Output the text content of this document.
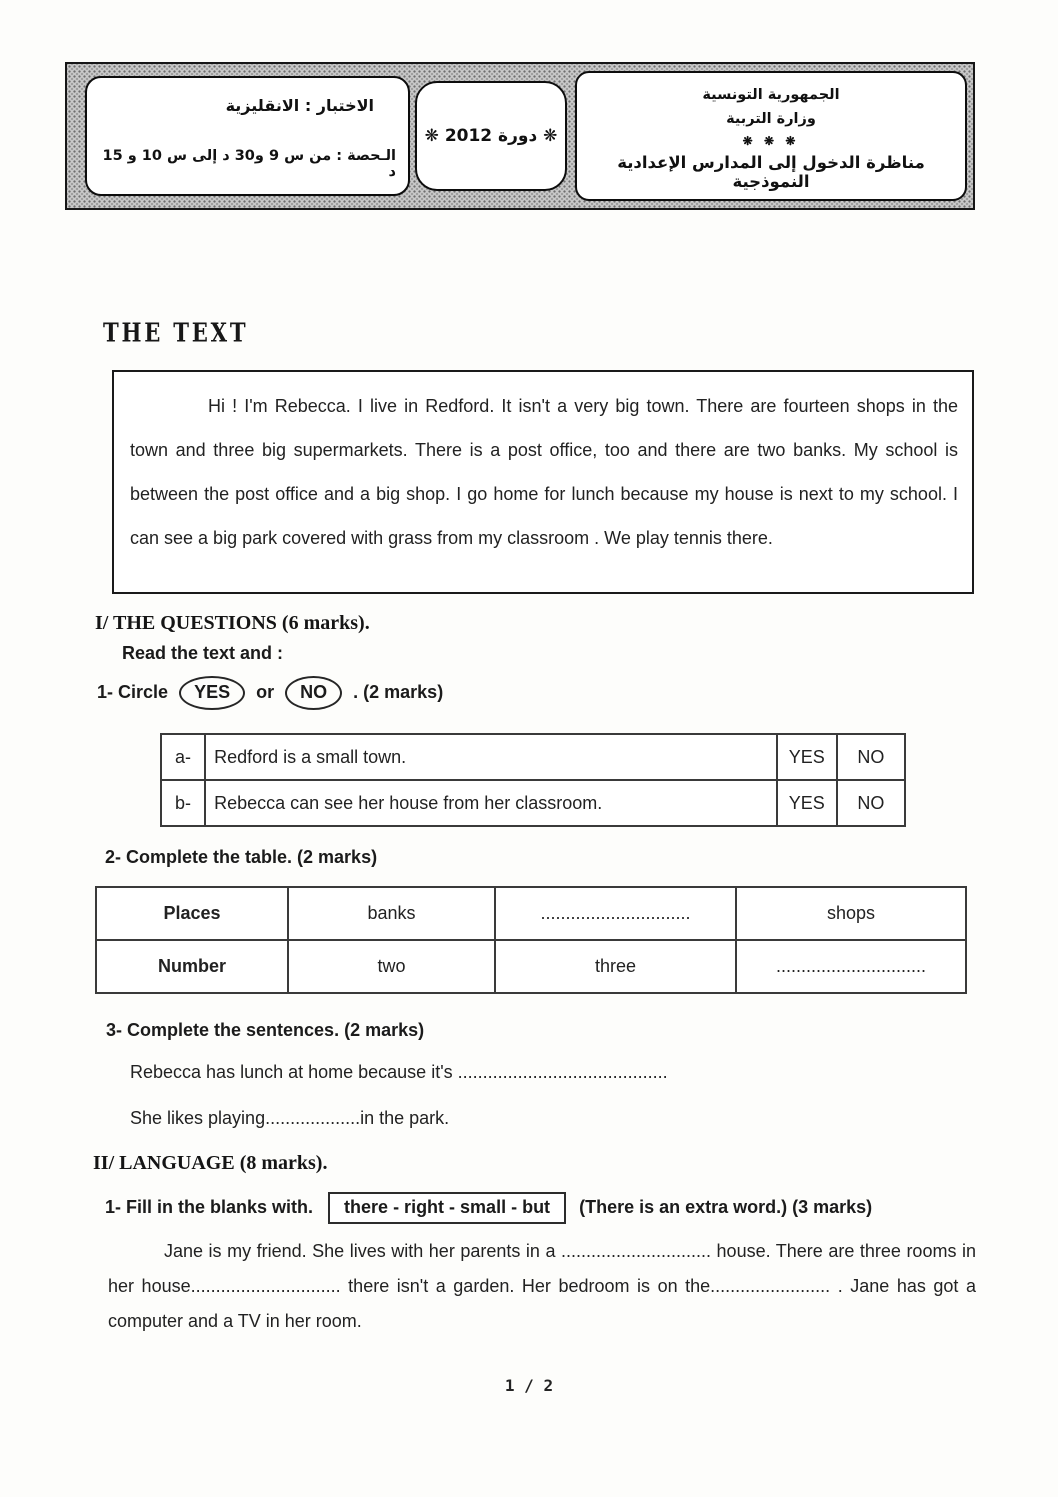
الاختبار : الانقليزية
الـحصة : من س 9 و30 د إلى س 10 و 15 د
❋ دورة 2012 ❋
الجمهورية التونسية
وزارة التربية
❋ ❋ ❋
مناظرة الدخول إلى المدارس الإعدادية النموذجية
THE TEXT

Hi ! I'm Rebecca. I live in Redford. It isn't a very big town. There are fourteen shops in the town and three big supermarkets. There is a post office, too and there are two banks. My school is between the post office and a big shop. I go home for lunch because my house is next to my school. I can see a big park covered with grass from my classroom . We play tennis there.

I/ THE QUESTIONS (6 marks).
Read the text and :
1- Circle YES or NO . (2 marks)
a-	Redford is a small town.	YES	NO
b-	Rebecca can see her house from her classroom.	YES	NO
2- Complete the table. (2 marks)
Places	banks	..............................	shops
Number	two	three	..............................
3- Complete the sentences. (2 marks)
Rebecca has lunch at home because it's ..........................................
She likes playing...................in the park.
II/ LANGUAGE (8 marks).
1- Fill in the blanks with. there - right - small - but (There is an extra word.) (3 marks)

Jane is my friend. She lives with her parents in a .............................. house. There are three rooms in her house.............................. there isn't a garden. Her bedroom is on the........................ . Jane has got a computer and a TV in her room.

1 / 2
